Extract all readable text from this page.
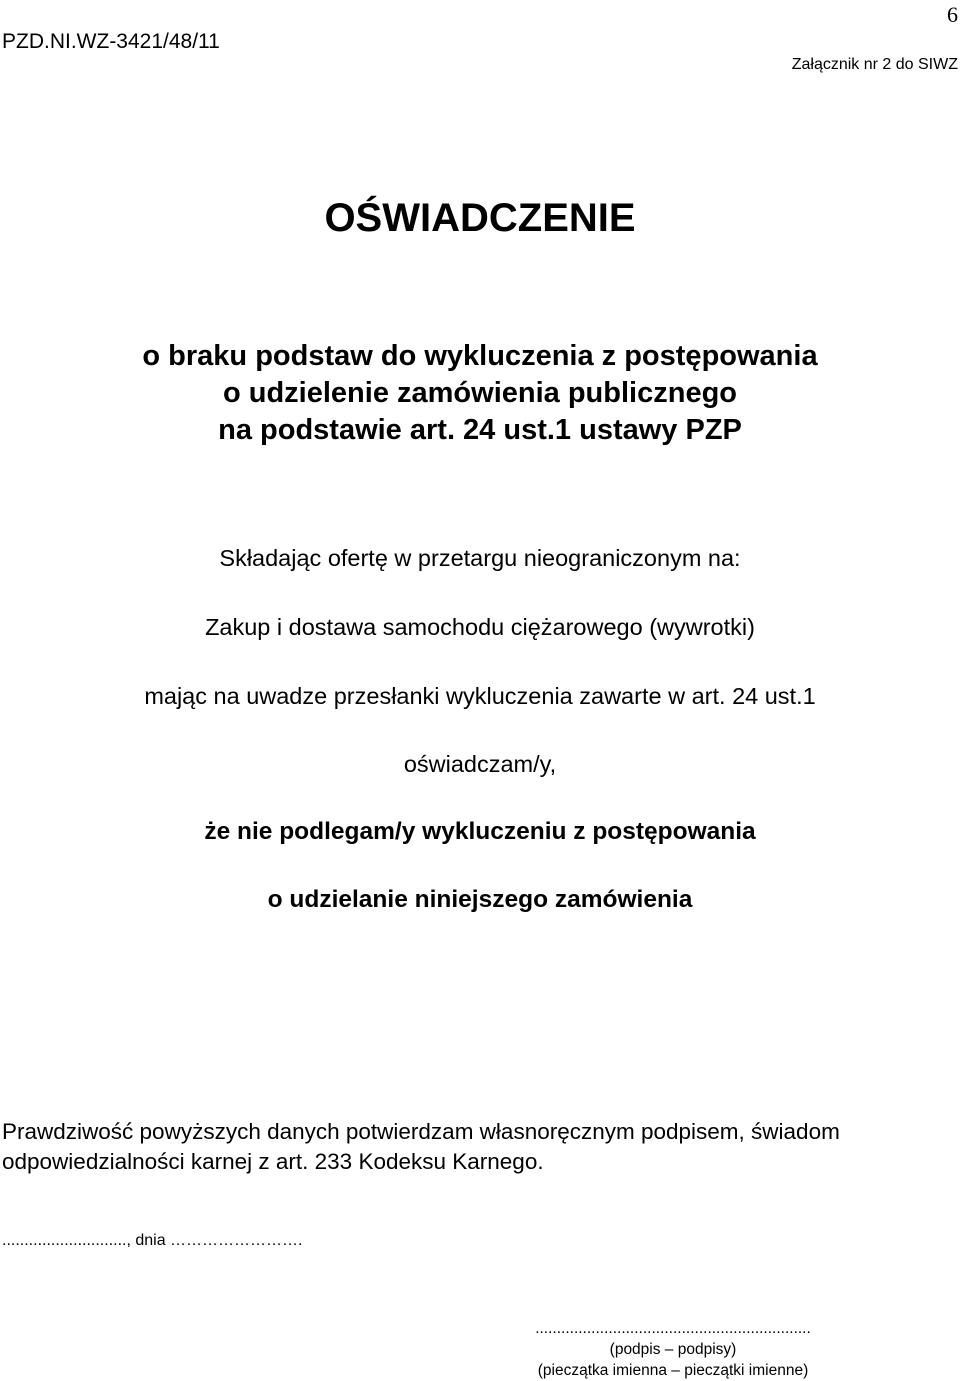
PZD.NI.WZ-3421/48/11
6
Załącznik nr 2 do SIWZ
OŚWIADCZENIE
o braku podstaw do wykluczenia z postępowania
o udzielenie zamówienia publicznego
na podstawie art. 24 ust.1 ustawy PZP
Składając ofertę w przetargu nieograniczonym na:
Zakup i dostawa samochodu ciężarowego (wywrotki)
mając na uwadze przesłanki wykluczenia zawarte w art. 24 ust.1
oświadczam/y,
że nie podlegam/y wykluczeniu z postępowania
o udzielanie niniejszego zamówienia
Prawdziwość powyższych danych potwierdzam własnoręcznym podpisem, świadom
odpowiedzialności karnej z art. 233 Kodeksu Karnego.
............................, dnia …………………….
................................................................
(podpis – podpisy)
(pieczątka imienna – pieczątki imienne)
